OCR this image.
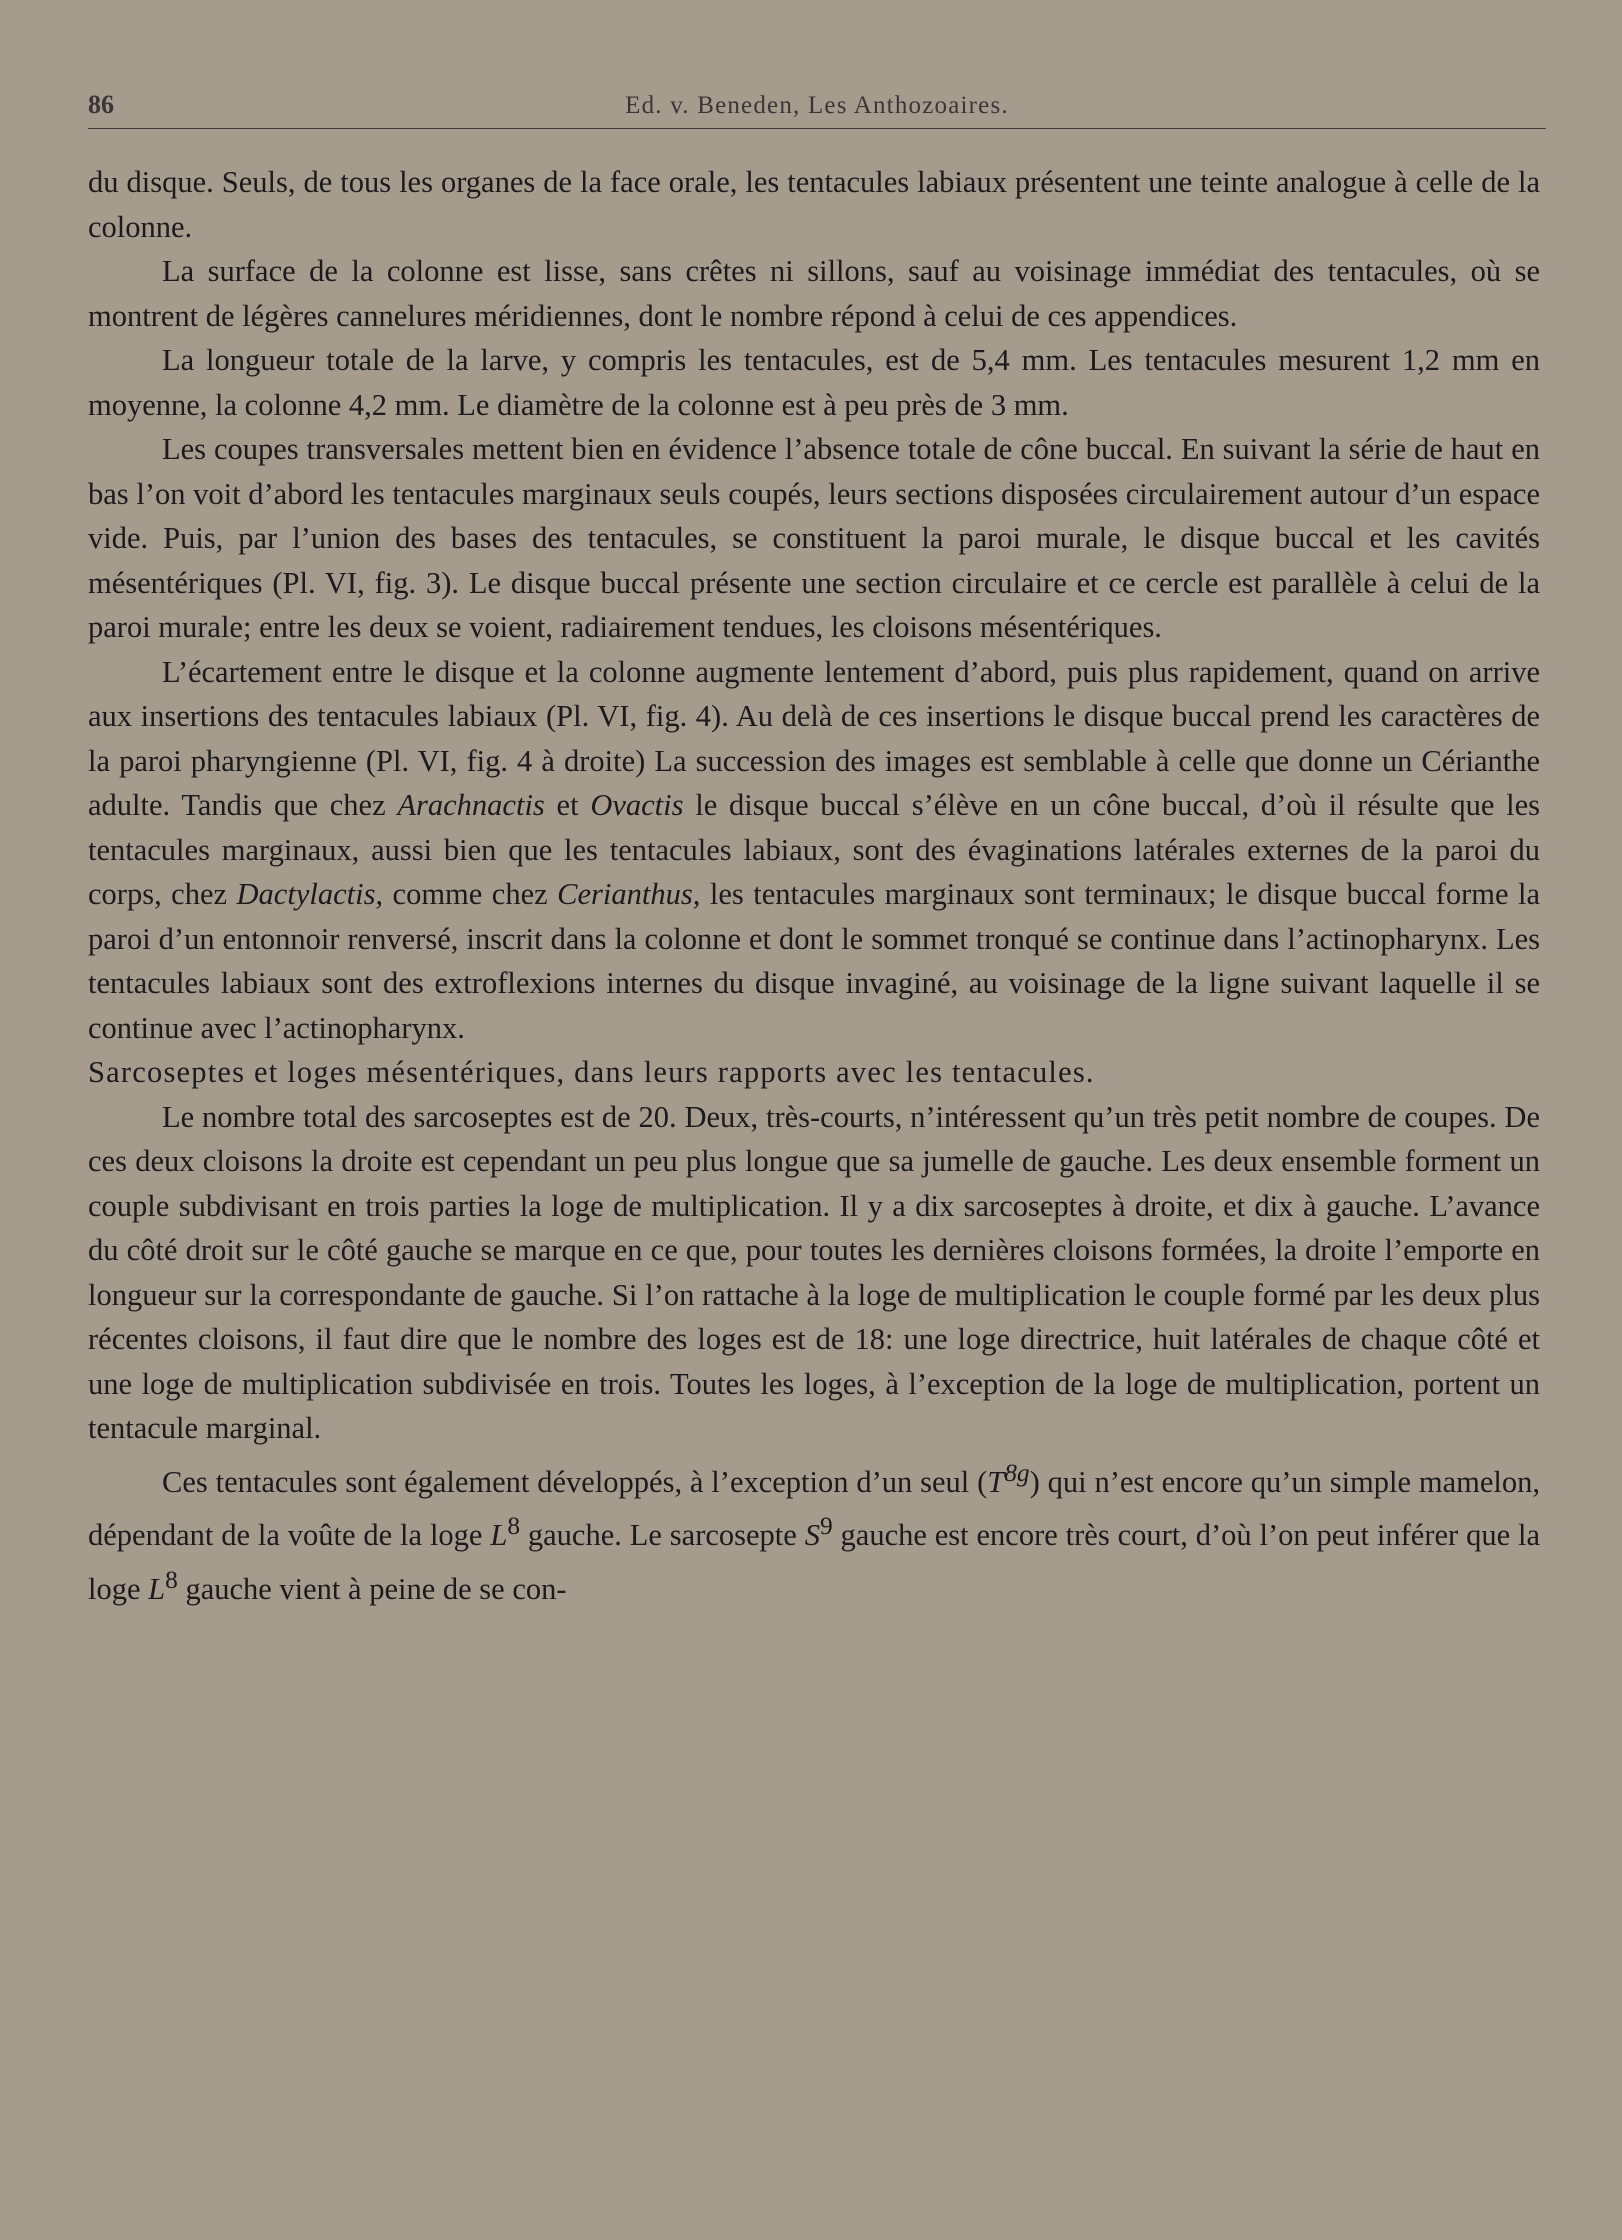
86	Ed. v. Beneden, Les Anthozoaires.

du disque. Seuls, de tous les organes de la face orale, les tentacules labiaux présentent une teinte analogue à celle de la colonne.

La surface de la colonne est lisse, sans crêtes ni sillons, sauf au voisinage immédiat des tentacules, où se montrent de légères cannelures méridiennes, dont le nombre répond à celui de ces appendices.

La longueur totale de la larve, y compris les tentacules, est de 5,4 mm. Les tentacules mesurent 1,2 mm en moyenne, la colonne 4,2 mm. Le diamètre de la colonne est à peu près de 3 mm.

Les coupes transversales mettent bien en évidence l’absence totale de cône buccal. En suivant la série de haut en bas l’on voit d’abord les tentacules marginaux seuls coupés, leurs sections disposées circulairement autour d’un espace vide. Puis, par l’union des bases des tentacules, se constituent la paroi murale, le disque buccal et les cavités mésentériques (Pl. VI, fig. 3). Le disque buccal présente une section circulaire et ce cercle est parallèle à celui de la paroi murale; entre les deux se voient, radiairement tendues, les cloisons mésentériques.

L’écartement entre le disque et la colonne augmente lentement d’abord, puis plus rapidement, quand on arrive aux insertions des tentacules labiaux (Pl. VI, fig. 4). Au delà de ces insertions le disque buccal prend les caractères de la paroi pharyngienne (Pl. VI, fig. 4 à droite) La succession des images est semblable à celle que donne un Cérianthe adulte. Tandis que chez Arachnactis et Ovactis le disque buccal s’élève en un cône buccal, d’où il résulte que les tentacules marginaux, aussi bien que les tentacules labiaux, sont des évaginations latérales externes de la paroi du corps, chez Dactylactis, comme chez Cerianthus, les tentacules marginaux sont terminaux; le disque buccal forme la paroi d’un entonnoir renversé, inscrit dans la colonne et dont le sommet tronqué se continue dans l’actinopharynx. Les tentacules labiaux sont des extroflexions internes du disque invaginé, au voisinage de la ligne suivant laquelle il se continue avec l’actinopharynx.

Sarcoseptes et loges mésentériques, dans leurs rapports avec les tentacules.

Le nombre total des sarcoseptes est de 20. Deux, très-courts, n’intéressent qu’un très petit nombre de coupes. De ces deux cloisons la droite est cependant un peu plus longue que sa jumelle de gauche. Les deux ensemble forment un couple subdivisant en trois parties la loge de multiplication. Il y a dix sarcoseptes à droite, et dix à gauche. L’avance du côté droit sur le côté gauche se marque en ce que, pour toutes les dernières cloisons formées, la droite l’emporte en longueur sur la correspondante de gauche. Si l’on rattache à la loge de multiplication le couple formé par les deux plus récentes cloisons, il faut dire que le nombre des loges est de 18: une loge directrice, huit latérales de chaque côté et une loge de multiplication subdivisée en trois. Toutes les loges, à l’exception de la loge de multiplication, portent un tentacule marginal.

Ces tentacules sont également développés, à l’exception d’un seul $(T^{8g})$ qui n’est encore qu’un simple mamelon, dépendant de la voûte de la loge $L^8$ gauche. Le sarcosepte $S^9$ gauche est encore très court, d’où l’on peut inférer que la loge $L^8$ gauche vient à peine de se con-
